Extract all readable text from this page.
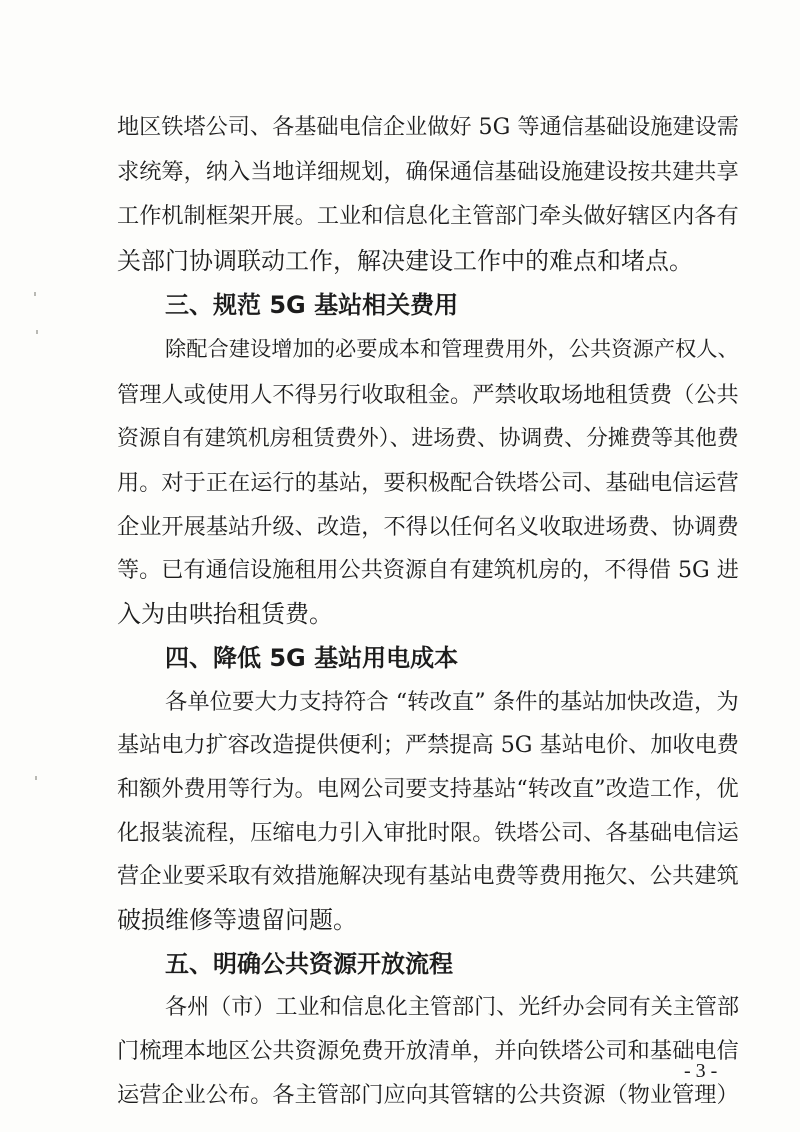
地区铁塔公司、各基础电信企业做好 5G 等通信基础设施建设需
求统筹，纳入当地详细规划，确保通信基础设施建设按共建共享
工作机制框架开展。工业和信息化主管部门牵头做好辖区内各有
关部门协调联动工作，解决建设工作中的难点和堵点。
三、规范 5G 基站相关费用
除配合建设增加的必要成本和管理费用外，公共资源产权人、
管理人或使用人不得另行收取租金。严禁收取场地租赁费（公共
资源自有建筑机房租赁费外）、进场费、协调费、分摊费等其他费
用。对于正在运行的基站，要积极配合铁塔公司、基础电信运营
企业开展基站升级、改造，不得以任何名义收取进场费、协调费
等。已有通信设施租用公共资源自有建筑机房的，不得借 5G 进
入为由哄抬租赁费。
四、降低 5G 基站用电成本
各单位要大力支持符合 “转改直” 条件的基站加快改造，为
基站电力扩容改造提供便利；严禁提高 5G 基站电价、加收电费
和额外费用等行为。电网公司要支持基站“转改直”改造工作，优
化报装流程，压缩电力引入审批时限。铁塔公司、各基础电信运
营企业要采取有效措施解决现有基站电费等费用拖欠、公共建筑
破损维修等遗留问题。
五、明确公共资源开放流程
各州（市）工业和信息化主管部门、光纤办会同有关主管部
门梳理本地区公共资源免费开放清单，并向铁塔公司和基础电信
运营企业公布。各主管部门应向其管辖的公共资源（物业管理）
- 3 -
